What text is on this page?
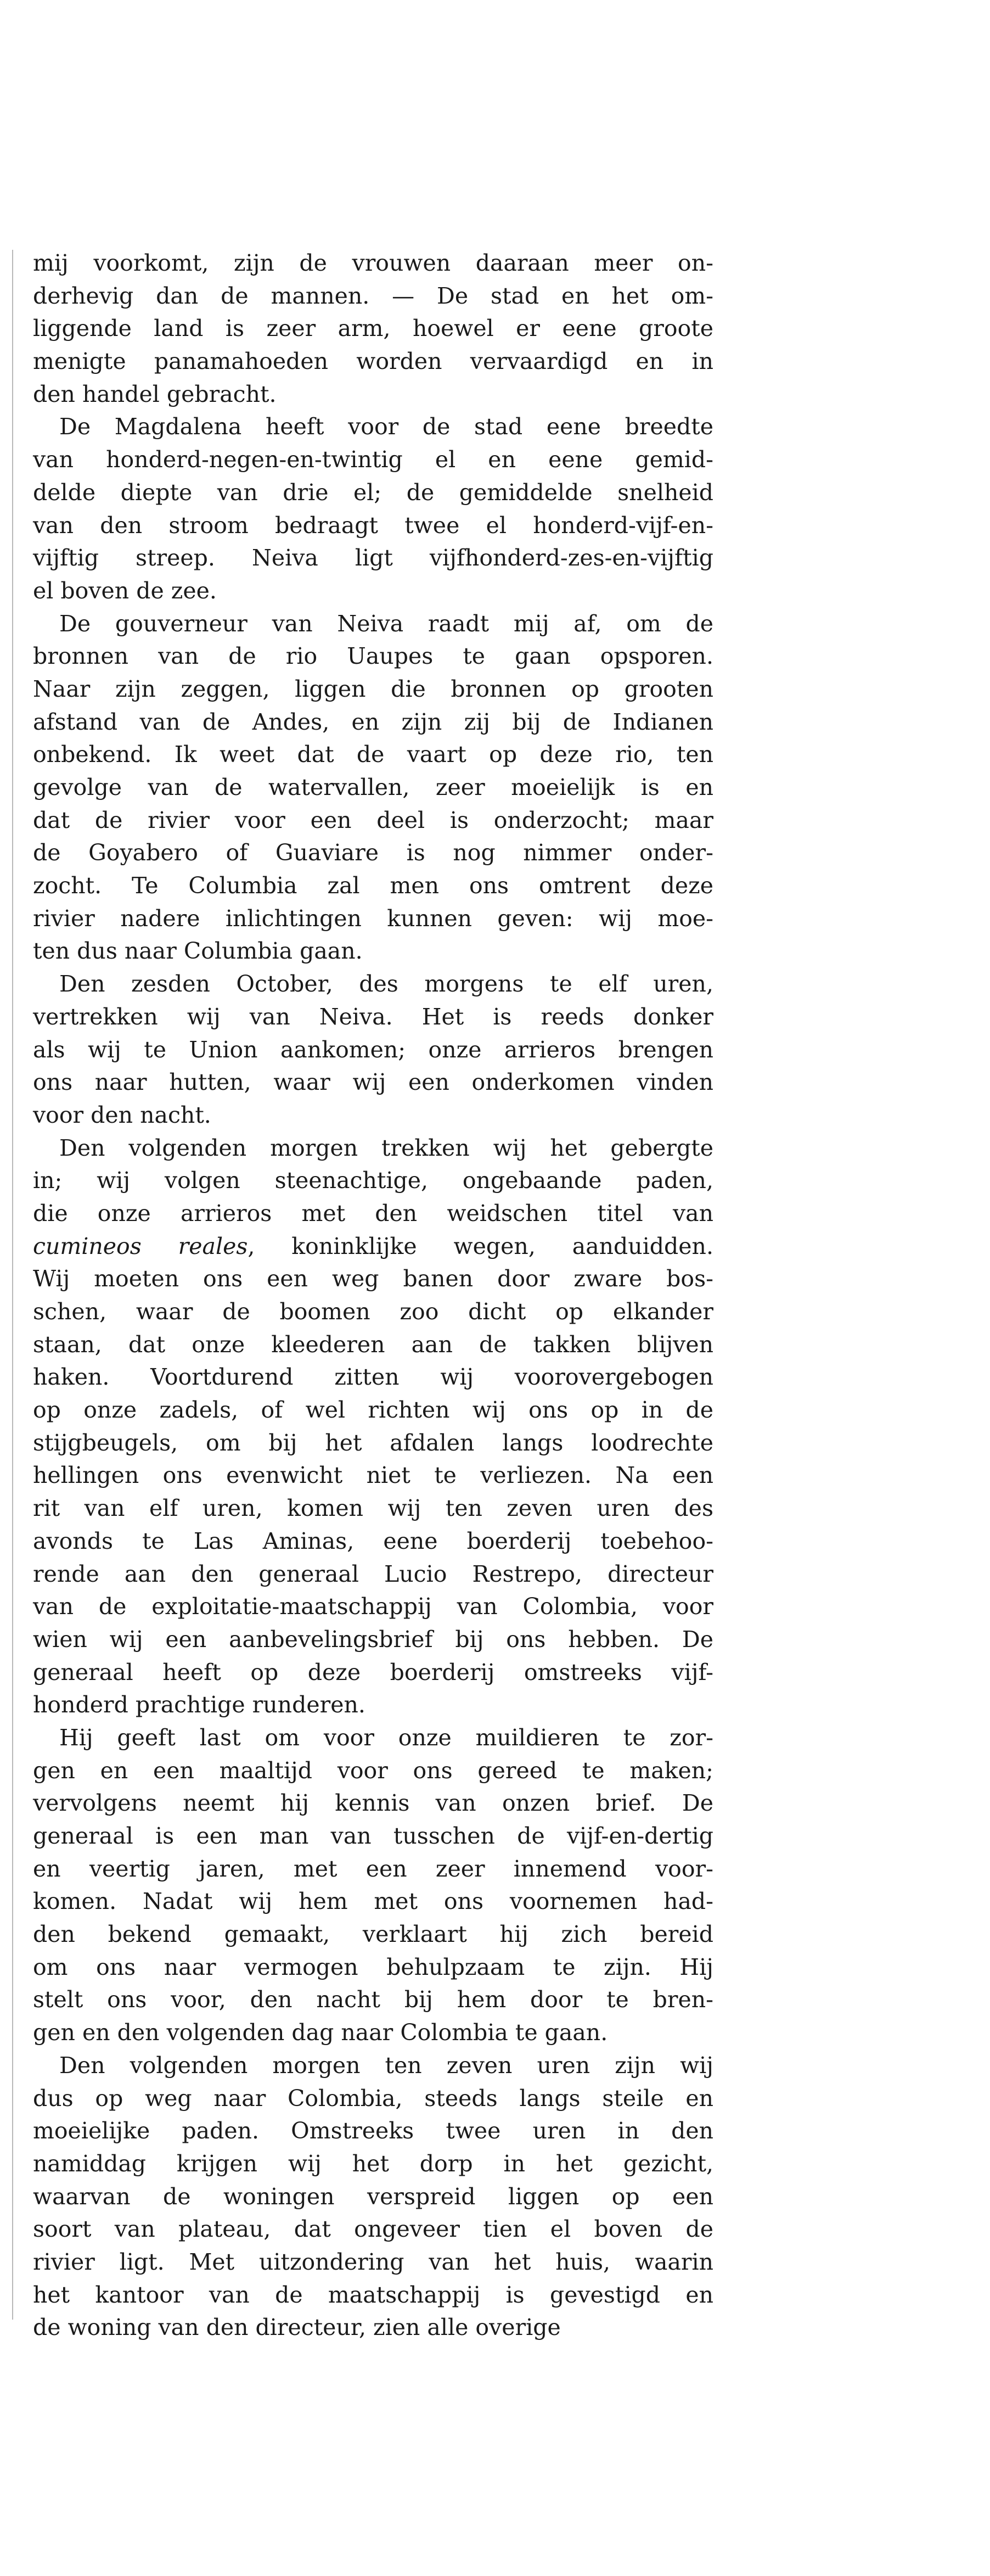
mij voorkomt, zijn de vrouwen daaraan meer on-
derhevig dan de mannen. — De stad en het om-
liggende land is zeer arm, hoewel er eene groote
menigte panamahoeden worden vervaardigd en in
den handel gebracht.
De Magdalena heeft voor de stad eene breedte
van honderd-negen-en-twintig el en eene gemid-
delde diepte van drie el; de gemiddelde snelheid
van den stroom bedraagt twee el honderd-vijf-en-
vijftig streep. Neiva ligt vijfhonderd-zes-en-vijftig
el boven de zee.
De gouverneur van Neiva raadt mij af, om de
bronnen van de rio Uaupes te gaan opsporen.
Naar zijn zeggen, liggen die bronnen op grooten
afstand van de Andes, en zijn zij bij de Indianen
onbekend. Ik weet dat de vaart op deze rio, ten
gevolge van de watervallen, zeer moeielijk is en
dat de rivier voor een deel is onderzocht; maar
de Goyabero of Guaviare is nog nimmer onder-
zocht. Te Columbia zal men ons omtrent deze
rivier nadere inlichtingen kunnen geven: wij moe-
ten dus naar Columbia gaan.
Den zesden October, des morgens te elf uren,
vertrekken wij van Neiva. Het is reeds donker
als wij te Union aankomen; onze arrieros brengen
ons naar hutten, waar wij een onderkomen vinden
voor den nacht.
Den volgenden morgen trekken wij het gebergte
in; wij volgen steenachtige, ongebaande paden,
die onze arrieros met den weidschen titel van
cumineos reales, koninklijke wegen, aanduidden.
Wij moeten ons een weg banen door zware bos-
schen, waar de boomen zoo dicht op elkander
staan, dat onze kleederen aan de takken blijven
haken. Voortdurend zitten wij voorovergebogen
op onze zadels, of wel richten wij ons op in de
stijgbeugels, om bij het afdalen langs loodrechte
hellingen ons evenwicht niet te verliezen. Na een
rit van elf uren, komen wij ten zeven uren des
avonds te Las Aminas, eene boerderij toebehoo-
rende aan den generaal Lucio Restrepo, directeur
van de exploitatie-maatschappij van Colombia, voor
wien wij een aanbevelingsbrief bij ons hebben. De
generaal heeft op deze boerderij omstreeks vijf-
honderd prachtige runderen.
Hij geeft last om voor onze muildieren te zor-
gen en een maaltijd voor ons gereed te maken;
vervolgens neemt hij kennis van onzen brief. De
generaal is een man van tusschen de vijf-en-dertig
en veertig jaren, met een zeer innemend voor-
komen. Nadat wij hem met ons voornemen had-
den bekend gemaakt, verklaart hij zich bereid
om ons naar vermogen behulpzaam te zijn. Hij
stelt ons voor, den nacht bij hem door te bren-
gen en den volgenden dag naar Colombia te gaan.
Den volgenden morgen ten zeven uren zijn wij
dus op weg naar Colombia, steeds langs steile en
moeielijke paden. Omstreeks twee uren in den
namiddag krijgen wij het dorp in het gezicht,
waarvan de woningen verspreid liggen op een
soort van plateau, dat ongeveer tien el boven de
rivier ligt. Met uitzondering van het huis, waarin
het kantoor van de maatschappij is gevestigd en
de woning van den directeur, zien alle overige
